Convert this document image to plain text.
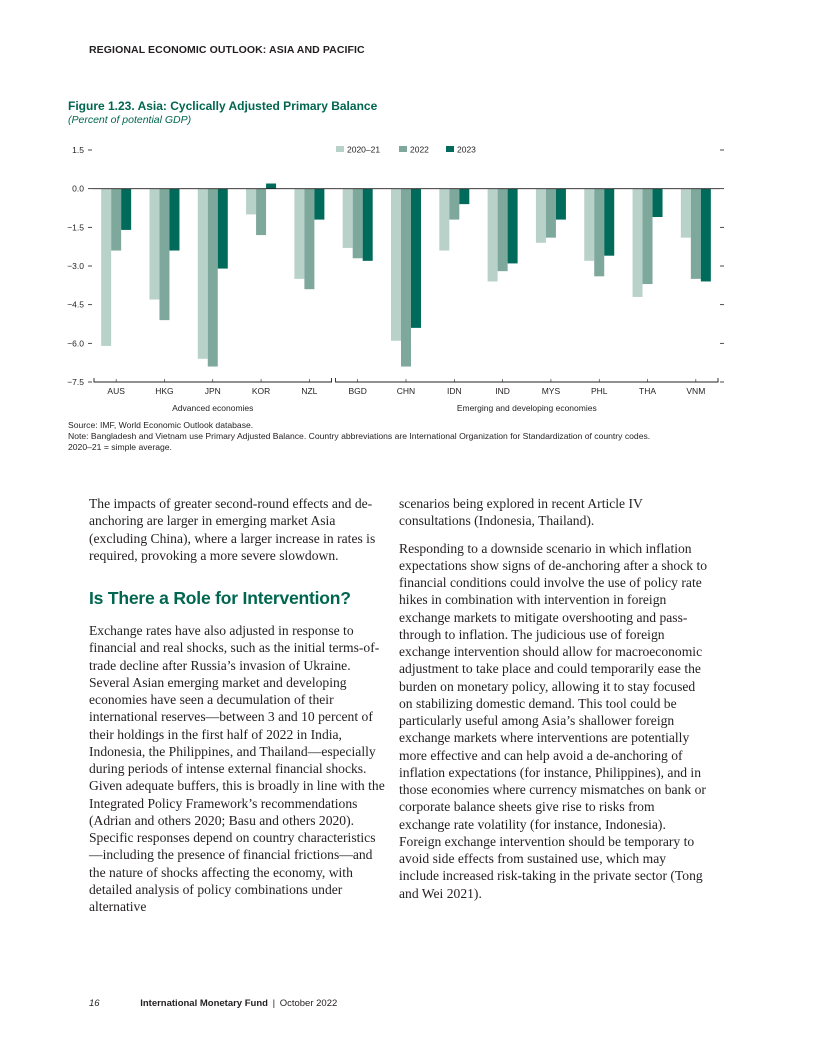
REGIONAL ECONOMIC OUTLOOK: ASIA AND PACIFIC
Figure 1.23. Asia: Cyclically Adjusted Primary Balance
(Percent of potential GDP)
1.5
0.0
−1.5
−3.0
−4.5
−6.0
−7.5
AUS	HKG	JPN	KOR	NZL	BGD	CHN	IDN	IND	MYS	PHL	THA	VNM
Advanced economies	Emerging and developing economies
2020–21	2022	2023
Source: IMF, World Economic Outlook database.
Note: Bangladesh and Vietnam use Primary Adjusted Balance. Country abbreviations are International Organization for Standardization of country codes.
2020–21 = simple average.

The impacts of greater second-round effects and de-anchoring are larger in emerging market Asia (excluding China), where a larger increase in rates is required, provoking a more severe slowdown.

Is There a Role for Intervention?

Exchange rates have also adjusted in response to financial and real shocks, such as the initial terms-of-trade decline after Russia’s invasion of Ukraine. Several Asian emerging market and developing economies have seen a decumulation of their international reserves—between 3 and 10 percent of their holdings in the first half of 2022 in India, Indonesia, the Philippines, and Thailand—especially during periods of intense external financial shocks. Given adequate buffers, this is broadly in line with the Integrated Policy Framework’s recommendations (Adrian and others 2020; Basu and others 2020). Specific responses depend on country characteristics—including the presence of financial frictions—and the nature of shocks affecting the economy, with detailed analysis of policy combinations under alternative

scenarios being explored in recent Article IV consultations (Indonesia, Thailand).

Responding to a downside scenario in which inflation expectations show signs of de-anchoring after a shock to financial conditions could involve the use of policy rate hikes in combination with intervention in foreign exchange markets to mitigate overshooting and pass-through to inflation. The judicious use of foreign exchange intervention should allow for macroeconomic adjustment to take place and could temporarily ease the burden on monetary policy, allowing it to stay focused on stabilizing domestic demand. This tool could be particularly useful among Asia’s shallower foreign exchange markets where interventions are potentially more effective and can help avoid a de-anchoring of inflation expectations (for instance, Philippines), and in those economies where currency mismatches on bank or corporate balance sheets give rise to risks from exchange rate volatility (for instance, Indonesia). Foreign exchange intervention should be temporary to avoid side effects from sustained use, which may include increased risk-taking in the private sector (Tong and Wei 2021).

16	International Monetary Fund | October 2022
